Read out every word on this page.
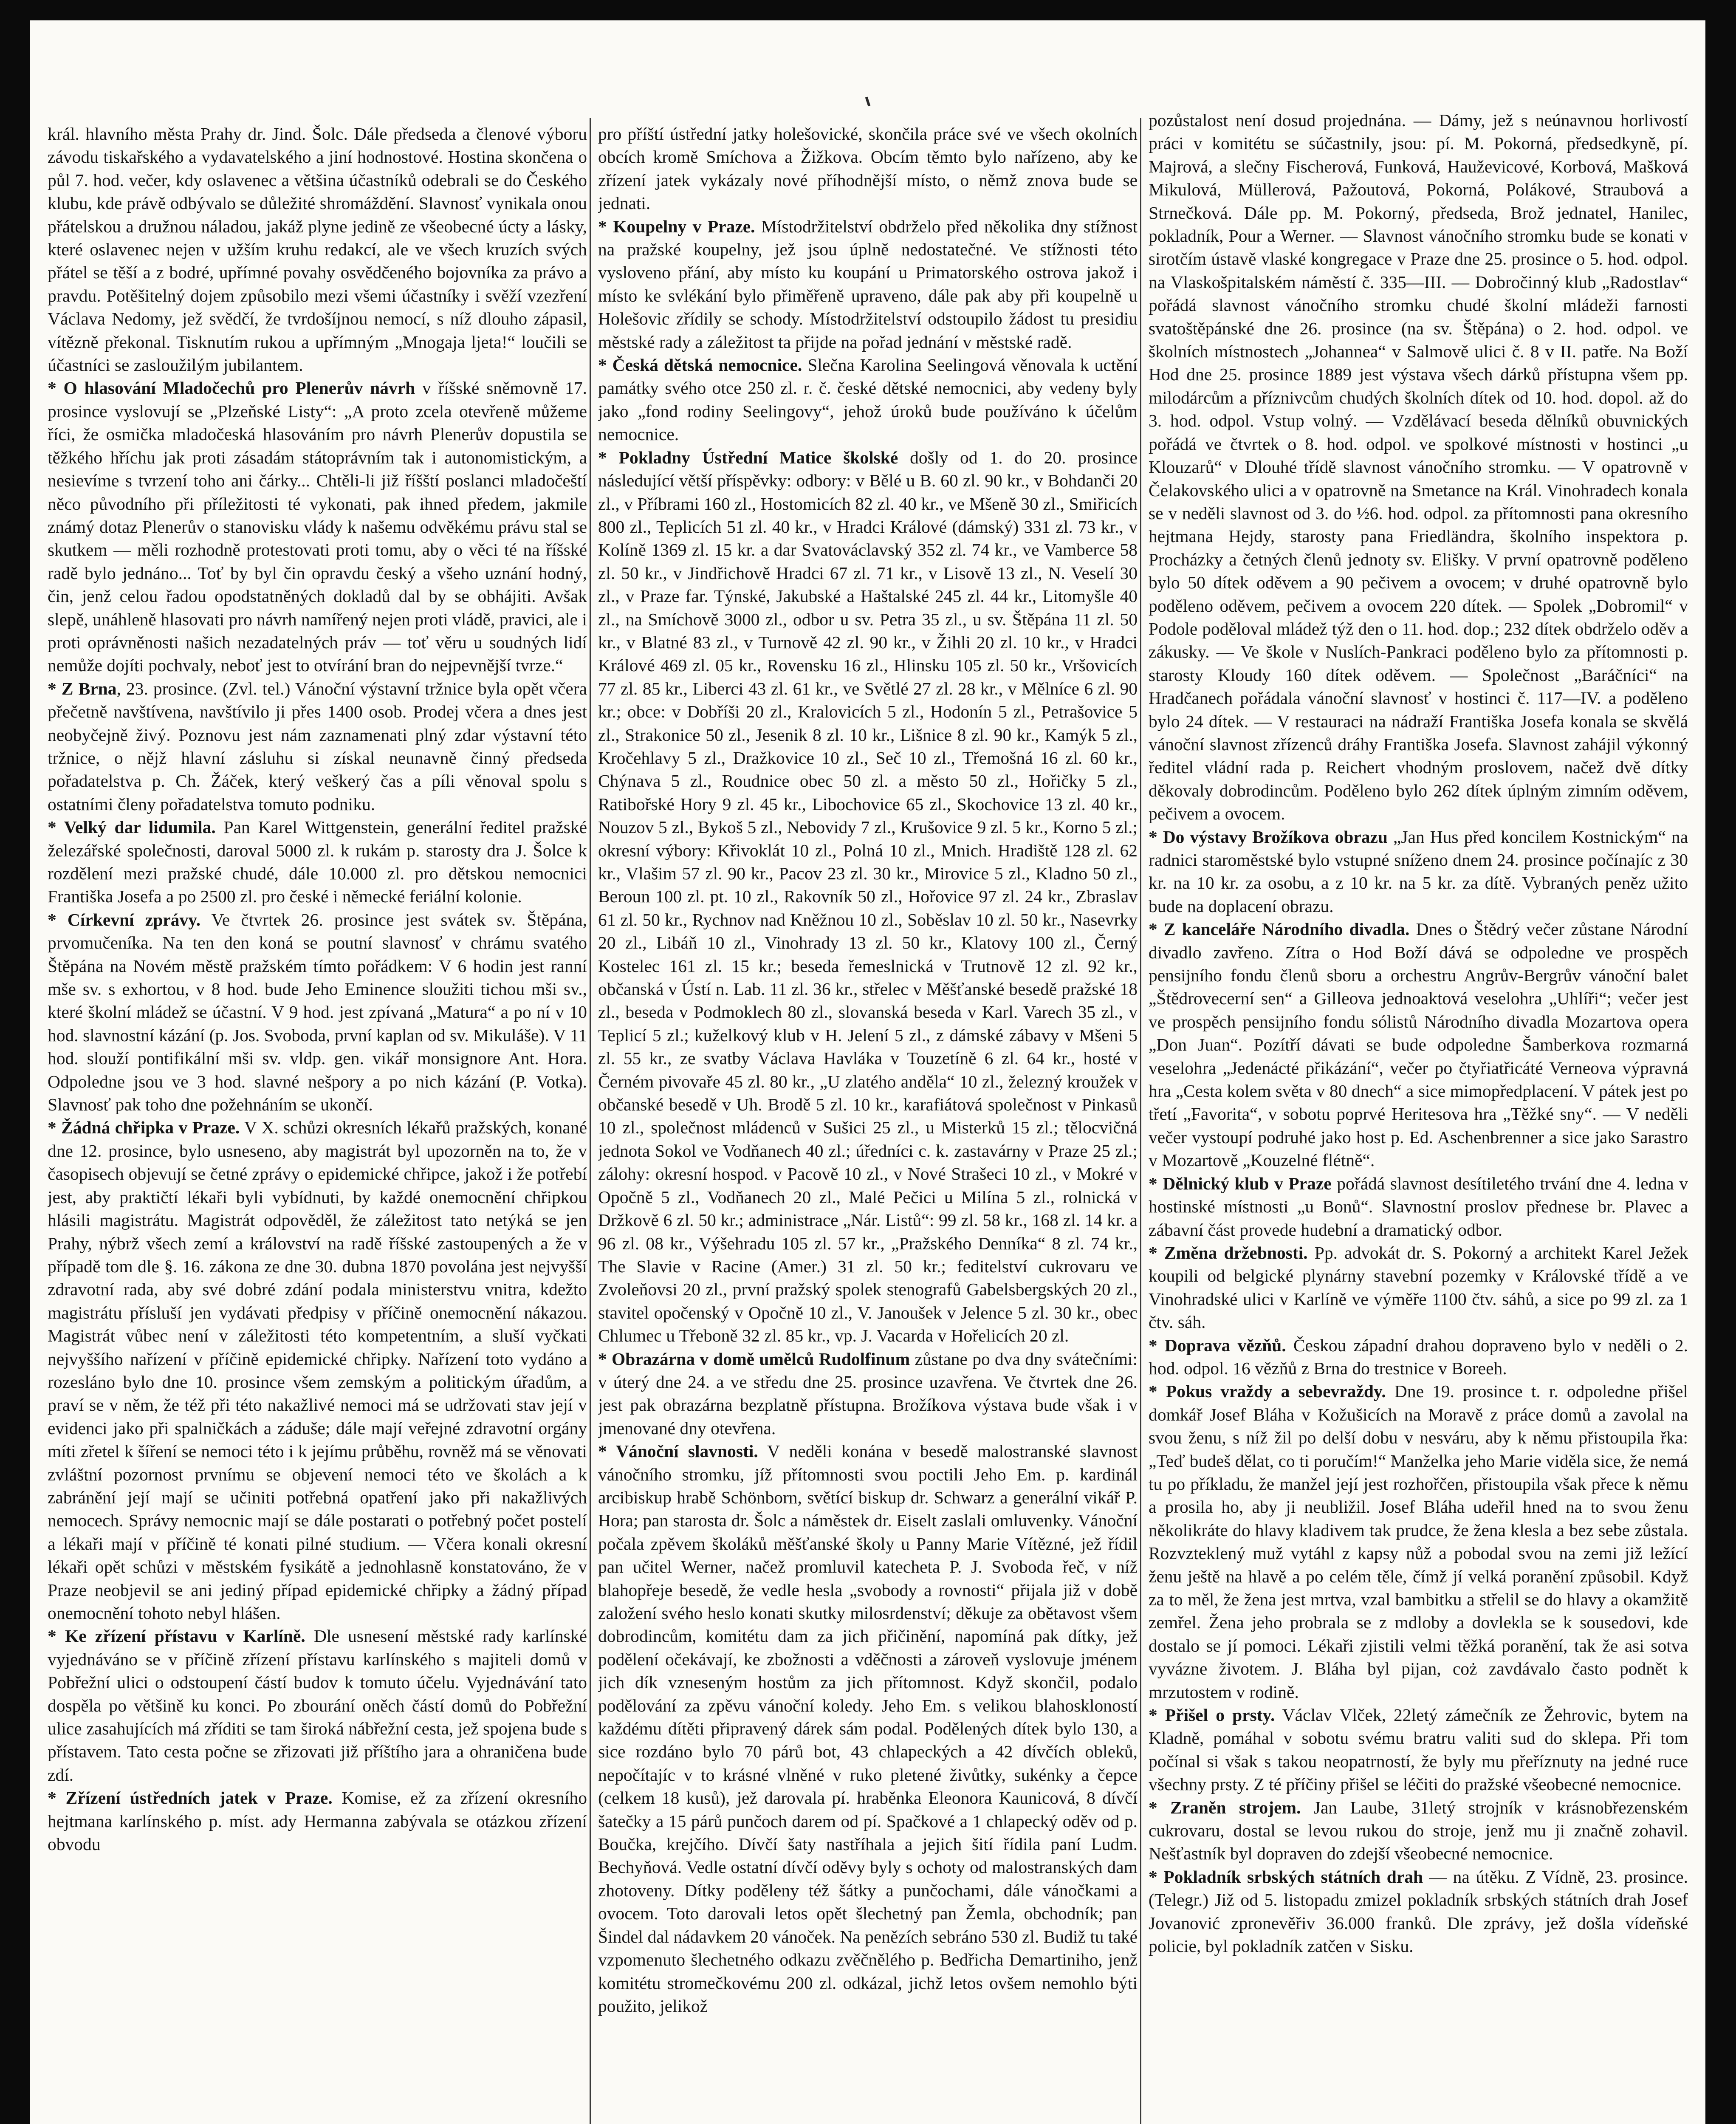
král. hlavního města Prahy dr. Jind. Šolc. Dále předseda a členové výboru závodu tiskařského a vydavatelského a jiní hodnostové. Hostina skončena o půl 7. hod. večer, kdy oslavenec a většina účastníků odebrali se do Českého klubu, kde právě odbývalo se důležité shromáždění. Slavnosť vynikala onou přátelskou a družnou náladou, jakáž plyne jedině ze všeobecné úcty a lásky, které oslavenec nejen v užším kruhu redakcí, ale ve všech kruzích svých přátel se těší a z bodré, upřímné povahy osvědčeného bojovníka za právo a pravdu. Potěšitelný dojem způsobilo mezi všemi účastníky i svěží vzezření Václava Nedomy, jež svědčí, že tvrdošíjnou nemocí, s níž dlouho zápasil, vítězně překonal. Tisknutím rukou a upřímným „Mnogaja ljeta!“ loučili se účastníci se zasloužilým jubilantem.

* O hlasování Mladočechů pro Plenerův návrh v říšské sněmovně 17. prosince vyslovují se „Plzeňské Listy“: „A proto zcela otevřeně můžeme říci, že osmička mladočeská hlasováním pro návrh Plenerův dopustila se těžkého hříchu jak proti zásadám státoprávním tak i autonomistickým, a nesievíme s tvrzení toho ani čárky... Chtěli-li již říšští poslanci mladočeští něco původního při příležitosti té vykonati, pak ihned předem, jakmile známý dotaz Plenerův o stanovisku vlády k našemu odvěkému právu stal se skutkem — měli rozhodně protestovati proti tomu, aby o věci té na říšské radě bylo jednáno... Toť by byl čin opravdu český a všeho uznání hodný, čin, jenž celou řadou opodstatněných dokladů dal by se obhájiti. Avšak slepě, unáhleně hlasovati pro návrh namířený nejen proti vládě, pravici, ale i proti oprávněnosti našich nezadatelných práv — toť věru u soudných lidí nemůže dojíti pochvaly, neboť jest to otvírání bran do nejpevnější tvrze.“

* Z Brna, 23. prosince. (Zvl. tel.) Vánoční výstavní tržnice byla opět včera přečetně navštívena, navštívilo ji přes 1400 osob. Prodej včera a dnes jest neobyčejně živý. Poznovu jest nám zaznamenati plný zdar výstavní této tržnice, o nějž hlavní zásluhu si získal neunavně činný předseda pořadatelstva p. Ch. Žáček, který veškerý čas a píli věnoval spolu s ostatními členy pořadatelstva tomuto podniku.

* Velký dar lidumila. Pan Karel Wittgenstein, generální ředitel pražské železářské společnosti, daroval 5000 zl. k rukám p. starosty dra J. Šolce k rozdělení mezi pražské chudé, dále 10.000 zl. pro dětskou nemocnici Františka Josefa a po 2500 zl. pro české i německé feriální kolonie.

* Církevní zprávy. Ve čtvrtek 26. prosince jest svátek sv. Štěpána, prvomučeníka. Na ten den koná se poutní slavnosť v chrámu svatého Štěpána na Novém městě pražském tímto pořádkem: V 6 hodin jest ranní mše sv. s exhortou, v 8 hod. bude Jeho Eminence sloužiti tichou mši sv., které školní mládež se účastní. V 9 hod. jest zpívaná „Matura“ a po ní v 10 hod. slavnostní kázání (p. Jos. Svoboda, první kaplan od sv. Mikuláše). V 11 hod. slouží pontifikální mši sv. vldp. gen. vikář monsignore Ant. Hora. Odpoledne jsou ve 3 hod. slavné nešpory a po nich kázání (P. Votka). Slavnosť pak toho dne požehnáním se ukončí.

* Žádná chřipka v Praze. V X. schůzi okresních lékařů pražských, konané dne 12. prosince, bylo usneseno, aby magistrát byl upozorněn na to, že v časopisech objevují se četné zprávy o epidemické chřipce, jakož i že potřebí jest, aby praktičtí lékaři byli vybídnuti, by každé onemocnění chřipkou hlásili magistrátu. Magistrát odpověděl, že záležitost tato netýká se jen Prahy, nýbrž všech zemí a království na radě říšské zastoupených a že v případě tom dle §. 16. zákona ze dne 30. dubna 1870 povolána jest nejvyšší zdravotní rada, aby své dobré zdání podala ministerstvu vnitra, kdežto magistrátu přísluší jen vydávati předpisy v příčině onemocnění nákazou. Magistrát vůbec není v záležitosti této kompetentním, a sluší vyčkati nejvyššího nařízení v příčině epidemické chřipky. Nařízení toto vydáno a rozesláno bylo dne 10. prosince všem zemským a politickým úřadům, a praví se v něm, že též při této nakažlivé nemoci má se udržovati stav její v evidenci jako při spalničkách a záduše; dále mají veřejné zdravotní orgány míti zřetel k šíření se nemoci této i k jejímu průběhu, rovněž má se věnovati zvláštní pozornost prvnímu se objevení nemoci této ve školách a k zabránění její mají se učiniti potřebná opatření jako při nakažlivých nemocech. Správy nemocnic mají se dále postarati o potřebný počet postelí a lékaři mají v příčině té konati pilné studium. — Včera konali okresní lékaři opět schůzi v městském fysikátě a jednohlasně konstatováno, že v Praze neobjevil se ani jediný případ epidemické chřipky a žádný případ onemocnění tohoto nebyl hlášen.

* Ke zřízení přístavu v Karlíně. Dle usnesení městské rady karlínské vyjednáváno se v příčině zřízení přístavu karlínského s majiteli domů v Pobřežní ulici o odstoupení částí budov k tomuto účelu. Vyjednávání tato dospěla po většině ku konci. Po zbourání oněch částí domů do Pobřežní ulice zasahujících má zříditi se tam široká nábřežní cesta, jež spojena bude s přístavem. Tato cesta počne se zřizovati již příštího jara a ohraničena bude zdí.

* Zřízení ústředních jatek v Praze. Komise, ež za zřízení okresního hejtmana karlínského p. míst. ady Hermanna zabývala se otázkou zřízení obvodu

pro příští ústřední jatky holešovické, skončila práce své ve všech okolních obcích kromě Smíchova a Žižkova. Obcím těmto bylo nařízeno, aby ke zřízení jatek vykázaly nové příhodnější místo, o němž znova bude se jednati.

* Koupelny v Praze. Místodržitelství obdrželo před několika dny stížnost na pražské koupelny, jež jsou úplně nedostatečné. Ve stížnosti této vysloveno přání, aby místo ku koupání u Primatorského ostrova jakož i místo ke svlékání bylo přiměřeně upraveno, dále pak aby při koupelně u Holešovic zřídily se schody. Místodržitelství odstoupilo žádost tu presidiu městské rady a záležitost ta přijde na pořad jednání v městské radě.

* Česká dětská nemocnice. Slečna Karolina Seelingová věnovala k uctění památky svého otce 250 zl. r. č. české dětské nemocnici, aby vedeny byly jako „fond rodiny Seelingovy“, jehož úroků bude používáno k účelům nemocnice.

* Pokladny Ústřední Matice školské došly od 1. do 20. prosince následující větší příspěvky: odbory: v Bělé u B. 60 zl. 90 kr., v Bohdanči 20 zl., v Příbrami 160 zl., Hostomicích 82 zl. 40 kr., ve Mšeně 30 zl., Smiřicích 800 zl., Teplicích 51 zl. 40 kr., v Hradci Králové (dámský) 331 zl. 73 kr., v Kolíně 1369 zl. 15 kr. a dar Svatováclavský 352 zl. 74 kr., ve Vamberce 58 zl. 50 kr., v Jindřichově Hradci 67 zl. 71 kr., v Lisově 13 zl., N. Veselí 30 zl., v Praze far. Týnské, Jakubské a Haštalské 245 zl. 44 kr., Litomyšle 40 zl., na Smíchově 3000 zl., odbor u sv. Petra 35 zl., u sv. Štěpána 11 zl. 50 kr., v Blatné 83 zl., v Turnově 42 zl. 90 kr., v Žihli 20 zl. 10 kr., v Hradci Králové 469 zl. 05 kr., Rovensku 16 zl., Hlinsku 105 zl. 50 kr., Vršovicích 77 zl. 85 kr., Liberci 43 zl. 61 kr., ve Světlé 27 zl. 28 kr., v Mělníce 6 zl. 90 kr.; obce: v Dobříši 20 zl., Kralovicích 5 zl., Hodonín 5 zl., Petrašovice 5 zl., Strakonice 50 zl., Jesenik 8 zl. 10 kr., Lišnice 8 zl. 90 kr., Kamýk 5 zl., Kročehlavy 5 zl., Dražkovice 10 zl., Seč 10 zl., Třemošná 16 zl. 60 kr., Chýnava 5 zl., Roudnice obec 50 zl. a město 50 zl., Hořičky 5 zl., Ratibořské Hory 9 zl. 45 kr., Libochovice 65 zl., Skochovice 13 zl. 40 kr., Nouzov 5 zl., Bykoš 5 zl., Nebovidy 7 zl., Krušovice 9 zl. 5 kr., Korno 5 zl.; okresní výbory: Křivoklát 10 zl., Polná 10 zl., Mnich. Hradiště 128 zl. 62 kr., Vlašim 57 zl. 90 kr., Pacov 23 zl. 30 kr., Mirovice 5 zl., Kladno 50 zl., Beroun 100 zl. pt. 10 zl., Rakovník 50 zl., Hořovice 97 zl. 24 kr., Zbraslav 61 zl. 50 kr., Rychnov nad Kněžnou 10 zl., Soběslav 10 zl. 50 kr., Nasevrky 20 zl., Libáň 10 zl., Vinohrady 13 zl. 50 kr., Klatovy 100 zl., Černý Kostelec 161 zl. 15 kr.; beseda řemeslnická v Trutnově 12 zl. 92 kr., občanská v Ústí n. Lab. 11 zl. 36 kr., střelec v Měšťanské besedě pražské 18 zl., beseda v Podmoklech 80 zl., slovanská beseda v Karl. Varech 35 zl., v Teplicí 5 zl.; kuželkový klub v H. Jelení 5 zl., z dámské zábavy v Mšeni 5 zl. 55 kr., ze svatby Václava Havláka v Touzetíně 6 zl. 64 kr., hosté v Černém pivovaře 45 zl. 80 kr., „U zlatého anděla“ 10 zl., železný kroužek v občanské besedě v Uh. Brodě 5 zl. 10 kr., karafiátová společnost v Pinkasů 10 zl., společnost mládenců v Sušici 25 zl., u Misterků 15 zl.; tělocvičná jednota Sokol ve Vodňanech 40 zl.; úředníci c. k. zastavárny v Praze 25 zl.; zálohy: okresní hospod. v Pacově 10 zl., v Nové Strašeci 10 zl., v Mokré v Opočně 5 zl., Vodňanech 20 zl., Malé Pečici u Milína 5 zl., rolnická v Držkově 6 zl. 50 kr.; administrace „Nár. Listů“: 99 zl. 58 kr., 168 zl. 14 kr. a 96 zl. 08 kr., Výšehradu 105 zl. 57 kr., „Pražského Denníka“ 8 zl. 74 kr., The Slavie v Racine (Amer.) 31 zl. 50 kr.; feditelství cukrovaru ve Zvoleňovsi 20 zl., první pražský spolek stenografů Gabelsbergských 20 zl., stavitel opočenský v Opočně 10 zl., V. Janoušek v Jelence 5 zl. 30 kr., obec Chlumec u Třeboně 32 zl. 85 kr., vp. J. Vacarda v Hořelicích 20 zl.

* Obrazárna v domě umělců Rudolfinum zůstane po dva dny svátečními: v úterý dne 24. a ve středu dne 25. prosince uzavřena. Ve čtvrtek dne 26. jest pak obrazárna bezplatně přístupna. Brožíkova výstava bude však i v jmenované dny otevřena.

* Vánoční slavnosti. V neděli konána v besedě malostranské slavnost vánočního stromku, jíž přítomnosti svou poctili Jeho Em. p. kardinál arcibiskup hrabě Schönborn, světící biskup dr. Schwarz a generální vikář P. Hora; pan starosta dr. Šolc a náměstek dr. Eiselt zaslali omluvenky. Vánoční počala zpěvem školáků měšťanské školy u Panny Marie Vítězné, jež řídil pan učitel Werner, načež promluvil katecheta P. J. Svoboda řeč, v níž blahopřeje besedě, že vedle hesla „svobody a rovnosti“ přijala již v době založení svého heslo konati skutky milosrdenství; děkuje za obětavost všem dobrodincům, komitétu dam za jich přičinění, napomíná pak dítky, jež podělení očekávají, ke zbožnosti a vděčnosti a zároveň vyslovuje jménem jich dík vzneseným hostům za jich přítomnost. Když skončil, podalo podělování za zpěvu vánoční koledy. Jeho Em. s velikou blahoskloností každému dítěti připravený dárek sám podal. Podělených dítek bylo 130, a sice rozdáno bylo 70 párů bot, 43 chlapeckých a 42 dívčích obleků, nepočítajíc v to krásné vlněné v ruko pletené živůtky, sukénky a čepce (celkem 18 kusů), jež darovala pí. hraběnka Eleonora Kaunicová, 8 dívčí šatečky a 15 párů punčoch darem od pí. Spačkové a 1 chlapecký oděv od p. Boučka, krejčího. Dívčí šaty nastříhala a jejich šití řídila paní Ludm. Bechyňová. Vedle ostatní dívčí oděvy byly s ochoty od malostranských dam zhotoveny. Dítky poděleny též šátky a punčochami, dále vánočkami a ovocem. Toto darovali letos opět šlechetný pan Žemla, obchodník; pan Šindel dal nádavkem 20 vánoček. Na penězích sebráno 530 zl. Budiž tu také vzpomenuto šlechetného odkazu zvěčnělého p. Bedřicha Demartiniho, jenž komitétu stromečkovému 200 zl. odkázal, jichž letos ovšem nemohlo býti použito, jelikož

pozůstalost není dosud projednána. — Dámy, jež s neúnavnou horlivostí práci v komitétu se súčastnily, jsou: pí. M. Pokorná, předsedkyně, pí. Majrová, a slečny Fischerová, Funková, Hauževicové, Korbová, Mašková Mikulová, Müllerová, Pažoutová, Pokorná, Polákové, Straubová a Strnečková. Dále pp. M. Pokorný, předseda, Brož jednatel, Hanilec, pokladník, Pour a Werner. — Slavnost vánočního stromku bude se konati v sirotčím ústavě vlaské kongregace v Praze dne 25. prosince o 5. hod. odpol. na Vlaskošpitalském náměstí č. 335—III. — Dobročinný klub „Radostlav“ pořádá slavnost vánočního stromku chudé školní mládeži farnosti svatoštěpánské dne 26. prosince (na sv. Štěpána) o 2. hod. odpol. ve školních místnostech „Johannea“ v Salmově ulici č. 8 v II. patře. Na Boží Hod dne 25. prosince 1889 jest výstava všech dárků přístupna všem pp. milodárcům a příznivcům chudých školních dítek od 10. hod. dopol. až do 3. hod. odpol. Vstup volný. — Vzdělávací beseda dělníků obuvnických pořádá ve čtvrtek o 8. hod. odpol. ve spolkové místnosti v hostinci „u Klouzarů“ v Dlouhé třídě slavnost vánočního stromku. — V opatrovně v Čelakovského ulici a v opatrovně na Smetance na Král. Vinohradech konala se v neděli slavnost od 3. do ½6. hod. odpol. za přítomnosti pana okresního hejtmana Hejdy, starosty pana Friedländra, školního inspektora p. Procházky a četných členů jednoty sv. Elišky. V první opatrovně poděleno bylo 50 dítek oděvem a 90 pečivem a ovocem; v druhé opatrovně bylo poděleno oděvem, pečivem a ovocem 220 dítek. — Spolek „Dobromil“ v Podole poděloval mládež týž den o 11. hod. dop.; 232 dítek obdrželo oděv a zákusky. — Ve škole v Nuslích-Pankraci poděleno bylo za přítomnosti p. starosty Kloudy 160 dítek oděvem. — Společnost „Baráčníci“ na Hradčanech pořádala vánoční slavnosť v hostinci č. 117—IV. a poděleno bylo 24 dítek. — V restauraci na nádraží Františka Josefa konala se skvělá vánoční slavnost zřízenců dráhy Františka Josefa. Slavnost zahájil výkonný ředitel vládní rada p. Reichert vhodným proslovem, načež dvě dítky děkovaly dobrodincům. Poděleno bylo 262 dítek úplným zimním oděvem, pečivem a ovocem.

* Do výstavy Brožíkova obrazu „Jan Hus před koncilem Kostnickým“ na radnici staroměstské bylo vstupné sníženo dnem 24. prosince počínajíc z 30 kr. na 10 kr. za osobu, a z 10 kr. na 5 kr. za dítě. Vybraných peněz užito bude na doplacení obrazu.

* Z kanceláře Národního divadla. Dnes o Štědrý večer zůstane Národní divadlo zavřeno. Zítra o Hod Boží dává se odpoledne ve prospěch pensijního fondu členů sboru a orchestru Angrův-Bergrův vánoční balet „Štědrovecerní sen“ a Gilleova jednoaktová veselohra „Uhlíři“; večer jest ve prospěch pensijního fondu sólistů Národního divadla Mozartova opera „Don Juan“. Pozítří dávati se bude odpoledne Šamberkova rozmarná veselohra „Jedenácté přikázání“, večer po čtyřiatřicáté Verneova výpravná hra „Cesta kolem světa v 80 dnech“ a sice mimopředplacení. V pátek jest po třetí „Favorita“, v sobotu poprvé Heritesova hra „Těžké sny“. — V neděli večer vystoupí podruhé jako host p. Ed. Aschenbrenner a sice jako Sarastro v Mozartově „Kouzelné flétně“.

* Dělnický klub v Praze pořádá slavnost desítiletého trvání dne 4. ledna v hostinské místnosti „u Bonů“. Slavnostní proslov přednese br. Plavec a zábavní část provede hudební a dramatický odbor.

* Změna držebnosti. Pp. advokát dr. S. Pokorný a architekt Karel Ježek koupili od belgické plynárny stavební pozemky v Královské třídě a ve Vinohradské ulici v Karlíně ve výměře 1100 čtv. sáhů, a sice po 99 zl. za 1 čtv. sáh.

* Doprava vězňů. Českou západní drahou dopraveno bylo v neděli o 2. hod. odpol. 16 vězňů z Brna do trestnice v Boreeh.

* Pokus vraždy a sebevraždy. Dne 19. prosince t. r. odpoledne přišel domkář Josef Bláha v Kožušicích na Moravě z práce domů a zavolal na svou ženu, s níž žil po delší dobu v nesváru, aby k němu přistoupila řka: „Teď budeš dělat, co ti poručím!“ Manželka jeho Marie viděla sice, že nemá tu po příkladu, že manžel její jest rozhořčen, přistoupila však přece k němu a prosila ho, aby ji neubližil. Josef Bláha udeřil hned na to svou ženu několikráte do hlavy kladivem tak prudce, že žena klesla a bez sebe zůstala. Rozvzteklený muž vytáhl z kapsy nůž a pobodal svou na zemi již ležící ženu ještě na hlavě a po celém těle, čímž jí velká poranění způsobil. Když za to měl, že žena jest mrtva, vzal bambitku a střelil se do hlavy a okamžitě zemřel. Žena jeho probrala se z mdloby a dovlekla se k sousedovi, kde dostalo se jí pomoci. Lékaři zjistili velmi těžká poranění, tak že asi sotva vyvázne životem. J. Bláha byl pijan, coż zavdávalo často podnět k mrzutostem v rodině.

* Přišel o prsty. Václav Vlček, 22letý zámečník ze Žehrovic, bytem na Kladně, pomáhal v sobotu svému bratru valiti sud do sklepa. Při tom počínal si však s takou neopatrností, že byly mu přeříznuty na jedné ruce všechny prsty. Z té příčiny přišel se léčiti do pražské všeobecné nemocnice.

* Zraněn strojem. Jan Laube, 31letý strojník v krásnobřezenském cukrovaru, dostal se levou rukou do stroje, jenž mu ji značně zohavil. Nešťastník byl dopraven do zdejší všeobecné nemocnice.

* Pokladník srbských státních drah — na útěku. Z Vídně, 23. prosince. (Telegr.) Již od 5. listopadu zmizel pokladník srbských státních drah Josef Jovanović zpronevěřiv 36.000 franků. Dle zprávy, jež došla vídeňské policie, byl pokladník zatčen v Sisku.
